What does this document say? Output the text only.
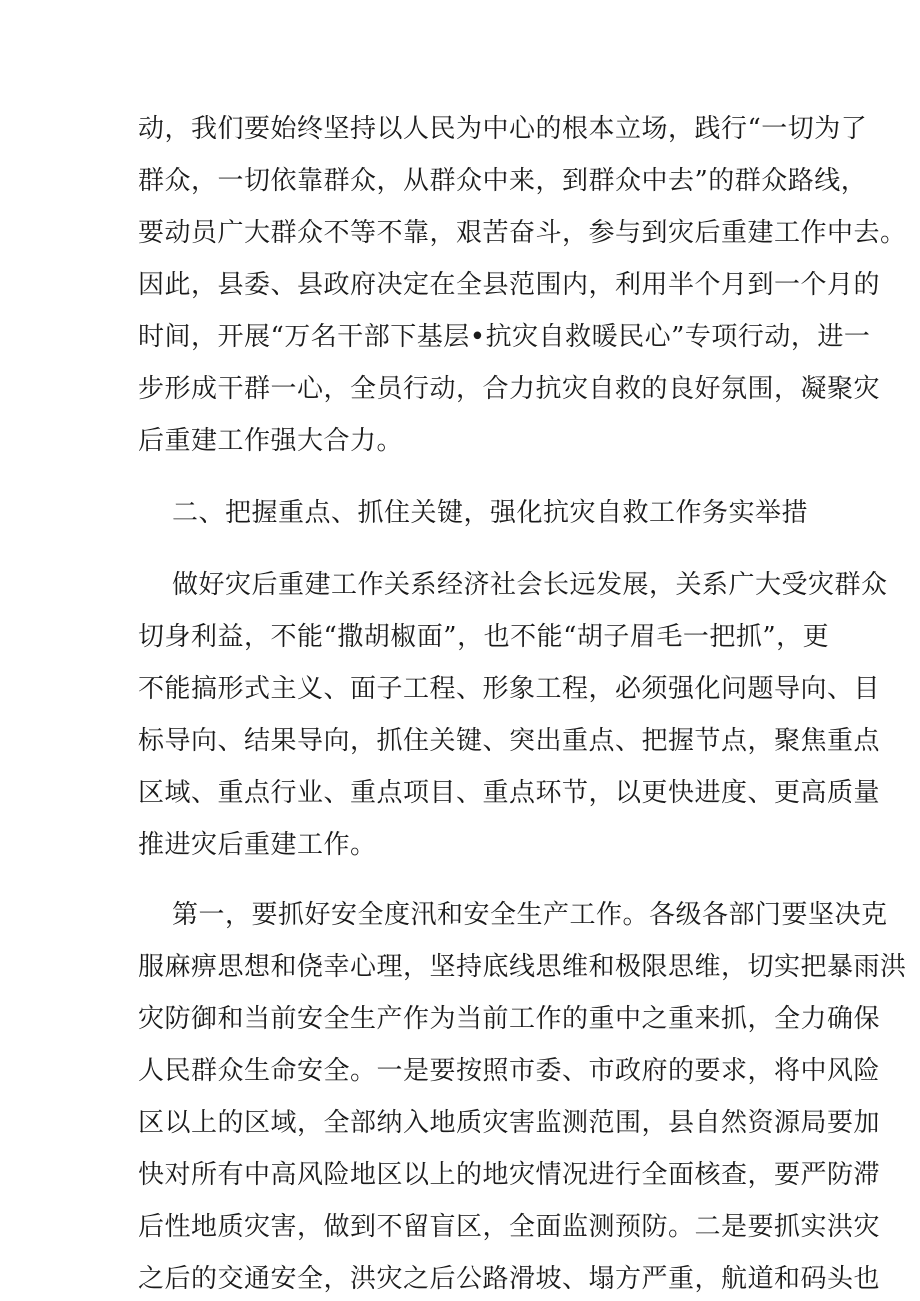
动，我们要始终坚持以人民为中心的根本立场，践行“一切为了
群众，一切依靠群众，从群众中来，到群众中去”的群众路线，
要动员广大群众不等不靠，艰苦奋斗，参与到灾后重建工作中去。
因此，县委、县政府决定在全县范围内，利用半个月到一个月的
时间，开展“万名干部下基层•抗灾自救暖民心”专项行动，进一
步形成干群一心，全员行动，合力抗灾自救的良好氛围，凝聚灾
后重建工作强大合力。
二、把握重点、抓住关键，强化抗灾自救工作务实举措
做好灾后重建工作关系经济社会长远发展，关系广大受灾群众
切身利益，不能“撒胡椒面”，也不能“胡子眉毛一把抓”，更
不能搞形式主义、面子工程、形象工程，必须强化问题导向、目
标导向、结果导向，抓住关键、突出重点、把握节点，聚焦重点
区域、重点行业、重点项目、重点环节，以更快进度、更高质量
推进灾后重建工作。
第一，要抓好安全度汛和安全生产工作。各级各部门要坚决克
服麻痹思想和侥幸心理，坚持底线思维和极限思维，切实把暴雨洪
灾防御和当前安全生产作为当前工作的重中之重来抓，全力确保
人民群众生命安全。一是要按照市委、市政府的要求，将中风险
区以上的区域，全部纳入地质灾害监测范围，县自然资源局要加
快对所有中高风险地区以上的地灾情况进行全面核查，要严防滞
后性地质灾害，做到不留盲区，全面监测预防。二是要抓实洪灾
之后的交通安全，洪灾之后公路滑坡、塌方严重，航道和码头也
